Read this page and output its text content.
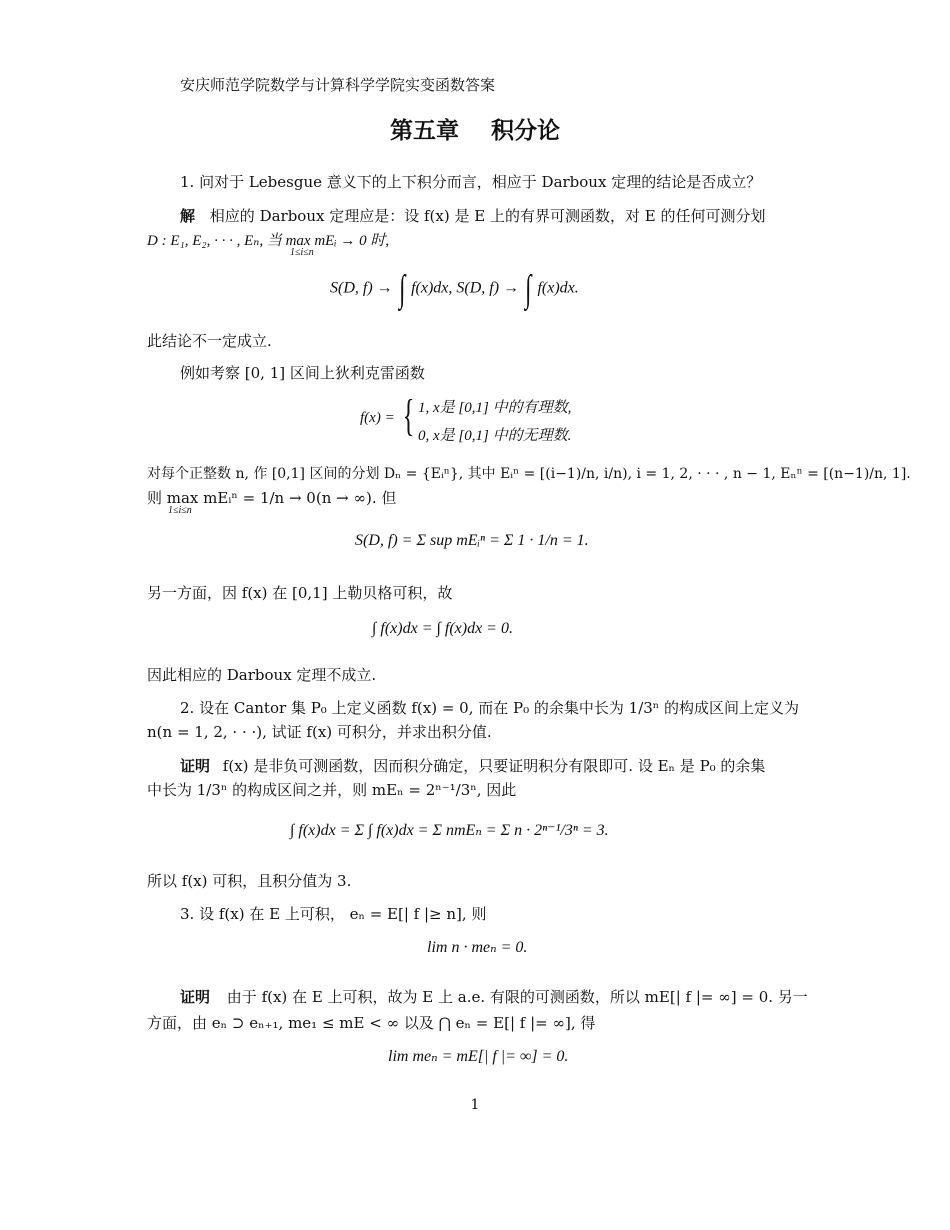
安庆师范学院数学与计算科学学院实变函数答案
第五章 积分论
1. 问对于 Lebesgue 意义下的上下积分而言，相应于 Darboux 定理的结论是否成立？
解 相应的 Darboux 定理应是：设 f(x) 是 E 上的有界可测函数，对 E 的任何可测分划
D : E₁, E₂, · · · , Eₙ, 当 max mEᵢ → 0 时,
1≤i≤n
S(D, f) → ∫ f(x)dx, S(D, f) → ∫ f(x)dx.
此结论不一定成立.
例如考察 [0, 1] 区间上狄利克雷函数
f(x) = { 1, x是 [0,1] 中的有理数,
0, x是 [0,1] 中的无理数.
对每个正整数 n, 作 [0,1] 区间的分划 Dₙ = {Eᵢⁿ}, 其中 Eᵢⁿ = [(i−1)/n, i/n), i = 1, 2, · · · , n − 1, Eₙⁿ = [(n−1)/n, 1].
则 max mEᵢⁿ = 1/n → 0(n → ∞). 但
1≤i≤n
S(D, f) = Σ sup mEᵢⁿ = Σ 1 · 1/n = 1.
另一方面，因 f(x) 在 [0,1] 上勒贝格可积，故
∫ f(x)dx = ∫ f(x)dx = 0.
因此相应的 Darboux 定理不成立.
2. 设在 Cantor 集 P₀ 上定义函数 f(x) = 0, 而在 P₀ 的余集中长为 1/3ⁿ 的构成区间上定义为
n(n = 1, 2, · · ·), 试证 f(x) 可积分，并求出积分值.
证明 f(x) 是非负可测函数，因而积分确定，只要证明积分有限即可. 设 Eₙ 是 P₀ 的余集
中长为 1/3ⁿ 的构成区间之并，则 mEₙ = 2ⁿ⁻¹/3ⁿ, 因此
∫ f(x)dx = Σ ∫ f(x)dx = Σ nmEₙ = Σ n · 2ⁿ⁻¹/3ⁿ = 3.
所以 f(x) 可积，且积分值为 3.
3. 设 f(x) 在 E 上可积， eₙ = E[| f |≥ n], 则
lim n · meₙ = 0.
证明 由于 f(x) 在 E 上可积，故为 E 上 a.e. 有限的可测函数，所以 mE[| f |= ∞] = 0. 另一
方面，由 eₙ ⊃ eₙ₊₁, me₁ ≤ mE < ∞ 以及 ⋂ eₙ = E[| f |= ∞], 得
lim meₙ = mE[| f |= ∞] = 0.
1
